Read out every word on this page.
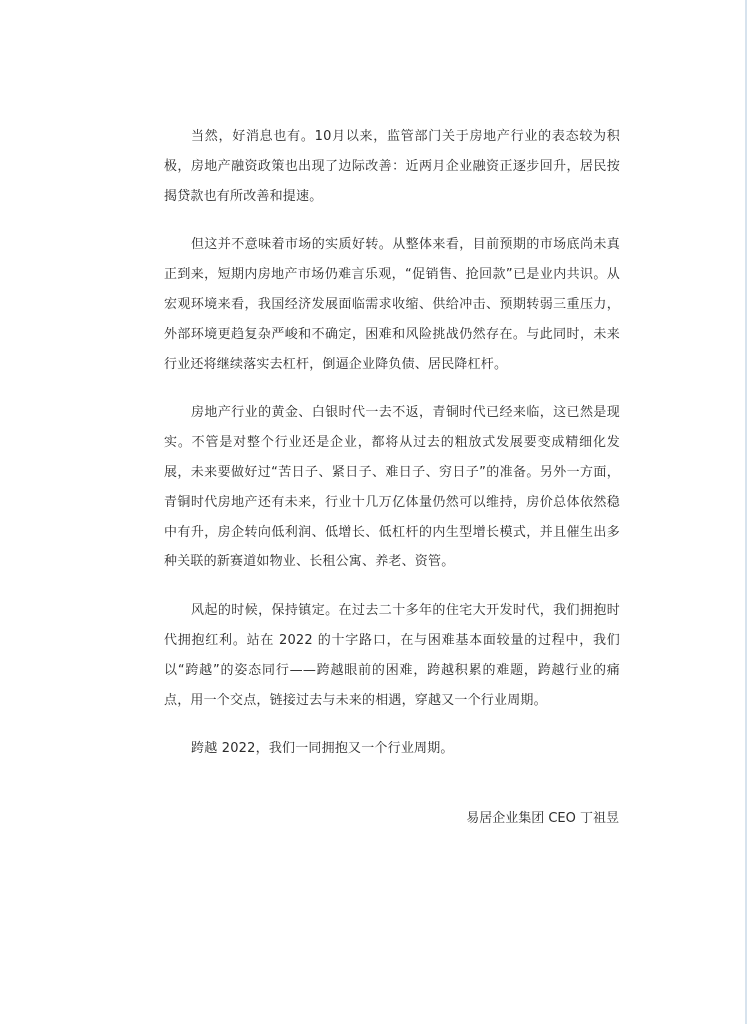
当然，好消息也有。10月以来，监管部门关于房地产行业的表态较为积极，房地产融资政策也出现了边际改善：近两月企业融资正逐步回升，居民按揭贷款也有所改善和提速。

但这并不意味着市场的实质好转。从整体来看，目前预期的市场底尚未真正到来，短期内房地产市场仍难言乐观，“促销售、抢回款”已是业内共识。从宏观环境来看，我国经济发展面临需求收缩、供给冲击、预期转弱三重压力，外部环境更趋复杂严峻和不确定，困难和风险挑战仍然存在。与此同时，未来行业还将继续落实去杠杆，倒逼企业降负债、居民降杠杆。

房地产行业的黄金、白银时代一去不返，青铜时代已经来临，这已然是现实。不管是对整个行业还是企业，都将从过去的粗放式发展要变成精细化发展，未来要做好过“苦日子、紧日子、难日子、穷日子”的准备。另外一方面，青铜时代房地产还有未来，行业十几万亿体量仍然可以维持，房价总体依然稳中有升，房企转向低利润、低增长、低杠杆的内生型增长模式，并且催生出多种关联的新赛道如物业、长租公寓、养老、资管。

风起的时候，保持镇定。在过去二十多年的住宅大开发时代，我们拥抱时代拥抱红利。站在 2022 的十字路口，在与困难基本面较量的过程中，我们以“跨越”的姿态同行——跨越眼前的困难，跨越积累的难题，跨越行业的痛点，用一个交点，链接过去与未来的相遇，穿越又一个行业周期。

跨越 2022，我们一同拥抱又一个行业周期。

易居企业集团 CEO 丁祖昱
